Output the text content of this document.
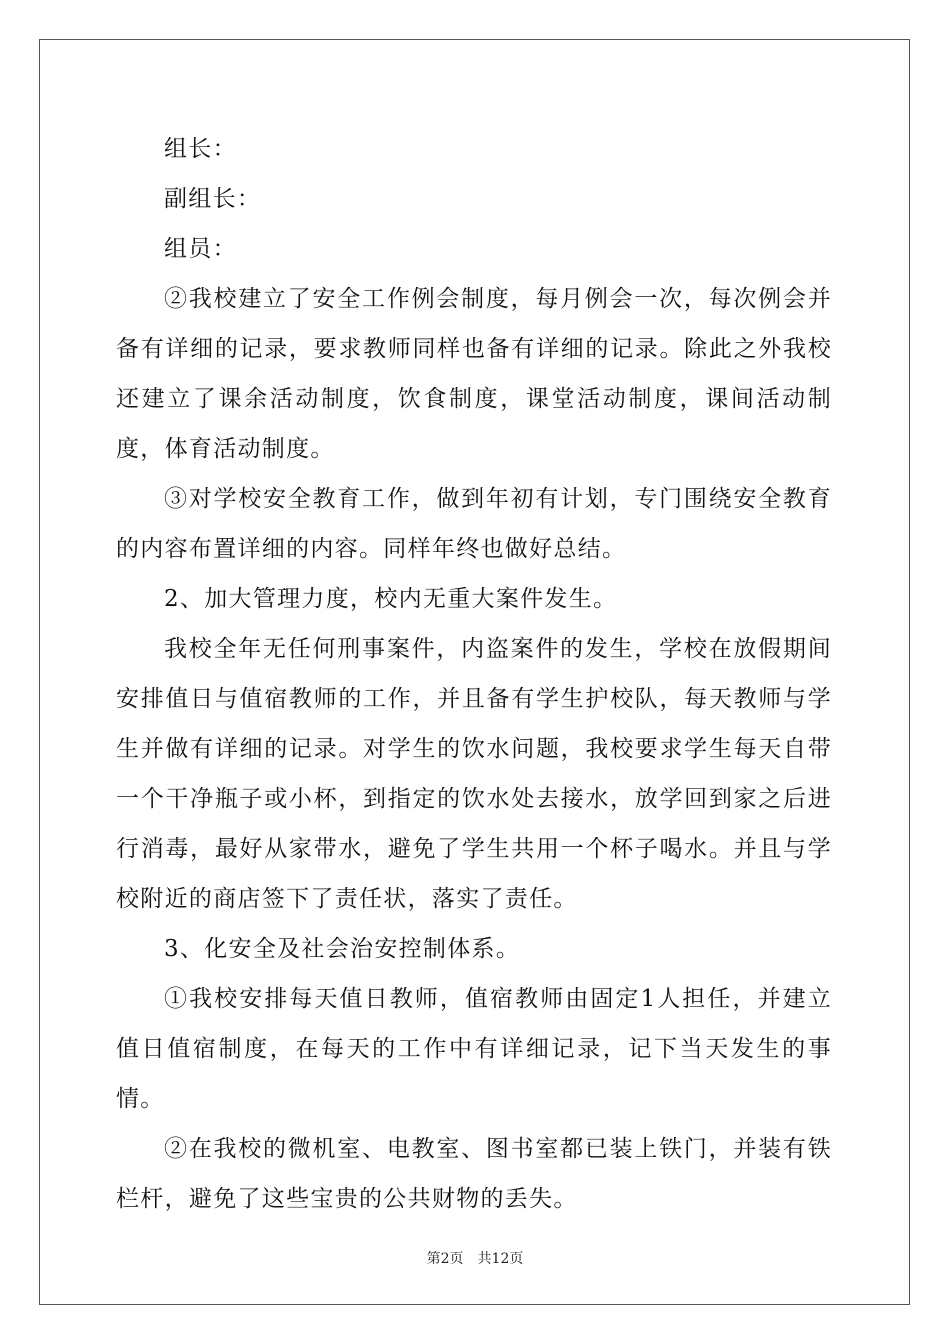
组长：

副组长：

组员：

②我校建立了安全工作例会制度，每月例会一次，每次例会并备有详细的记录，要求教师同样也备有详细的记录。除此之外我校还建立了课余活动制度，饮食制度，课堂活动制度，课间活动制度，体育活动制度。

③对学校安全教育工作，做到年初有计划，专门围绕安全教育的内容布置详细的内容。同样年终也做好总结。

2、加大管理力度，校内无重大案件发生。

我校全年无任何刑事案件，内盗案件的发生，学校在放假期间安排值日与值宿教师的工作，并且备有学生护校队，每天教师与学生并做有详细的记录。对学生的饮水问题，我校要求学生每天自带一个干净瓶子或小杯，到指定的饮水处去接水，放学回到家之后进行消毒，最好从家带水，避免了学生共用一个杯子喝水。并且与学校附近的商店签下了责任状，落实了责任。

3、化安全及社会治安控制体系。

①我校安排每天值日教师，值宿教师由固定1人担任，并建立值日值宿制度，在每天的工作中有详细记录，记下当天发生的事情。

②在我校的微机室、电教室、图书室都已装上铁门，并装有铁栏杆，避免了这些宝贵的公共财物的丢失。

第2页 共12页
